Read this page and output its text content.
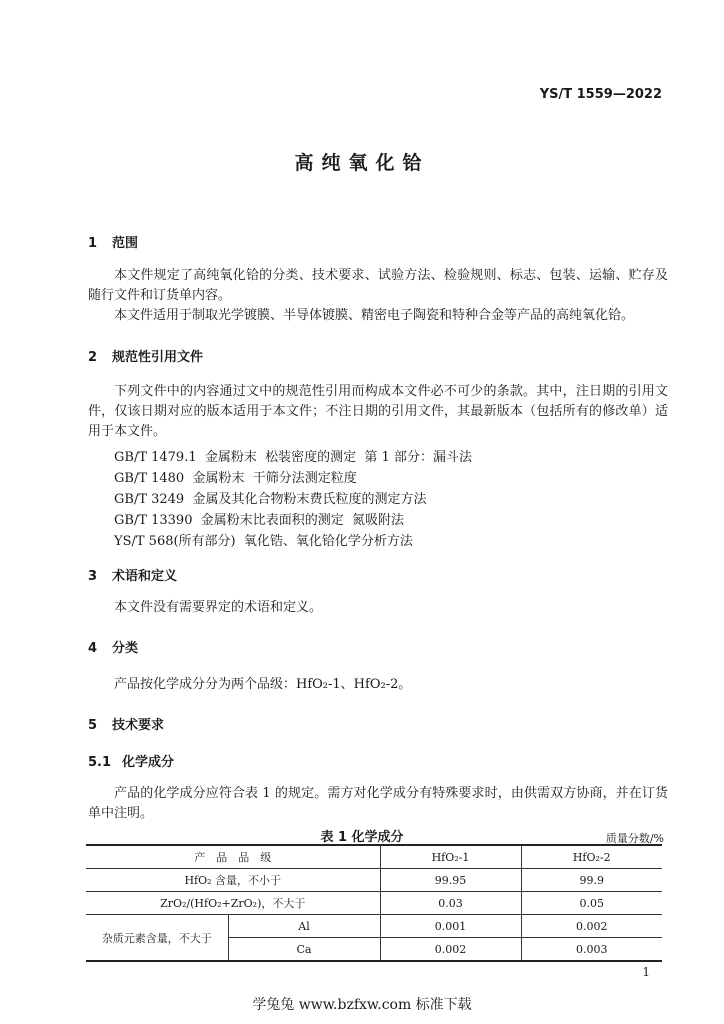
YS/T 1559—2022
高纯氧化铪
1 范围
本文件规定了高纯氧化铪的分类、技术要求、试验方法、检验规则、标志、包装、运输、贮存及随行文件和订货单内容。
本文件适用于制取光学镀膜、半导体镀膜、精密电子陶瓷和特种合金等产品的高纯氧化铪。
2 规范性引用文件
下列文件中的内容通过文中的规范性引用而构成本文件必不可少的条款。其中，注日期的引用文件，仅该日期对应的版本适用于本文件；不注日期的引用文件，其最新版本（包括所有的修改单）适用于本文件。
GB/T 1479.1  金属粉末  松装密度的测定  第 1 部分：漏斗法
GB/T 1480  金属粉末  干筛分法测定粒度
GB/T 3249  金属及其化合物粉末费氏粒度的测定方法
GB/T 13390  金属粉末比表面积的测定  氮吸附法
YS/T 568(所有部分)  氧化锆、氧化铪化学分析方法
3 术语和定义
本文件没有需要界定的术语和定义。
4 分类
产品按化学成分分为两个品级：HfO₂-1、HfO₂-2。
5 技术要求
5.1 化学成分
产品的化学成分应符合表 1 的规定。需方对化学成分有特殊要求时，由供需双方协商，并在订货单中注明。
表 1 化学成分	质量分数/%
产　品　品　级		HfO₂-1	HfO₂-2
HfO₂ 含量，不小于		99.95	99.9
ZrO₂/(HfO₂+ZrO₂)，不大于		0.03	0.05
杂质元素含量，不大于	Al	0.001	0.002
	Ca	0.002	0.003
1
学兔兔 www.bzfxw.com 标准下载
